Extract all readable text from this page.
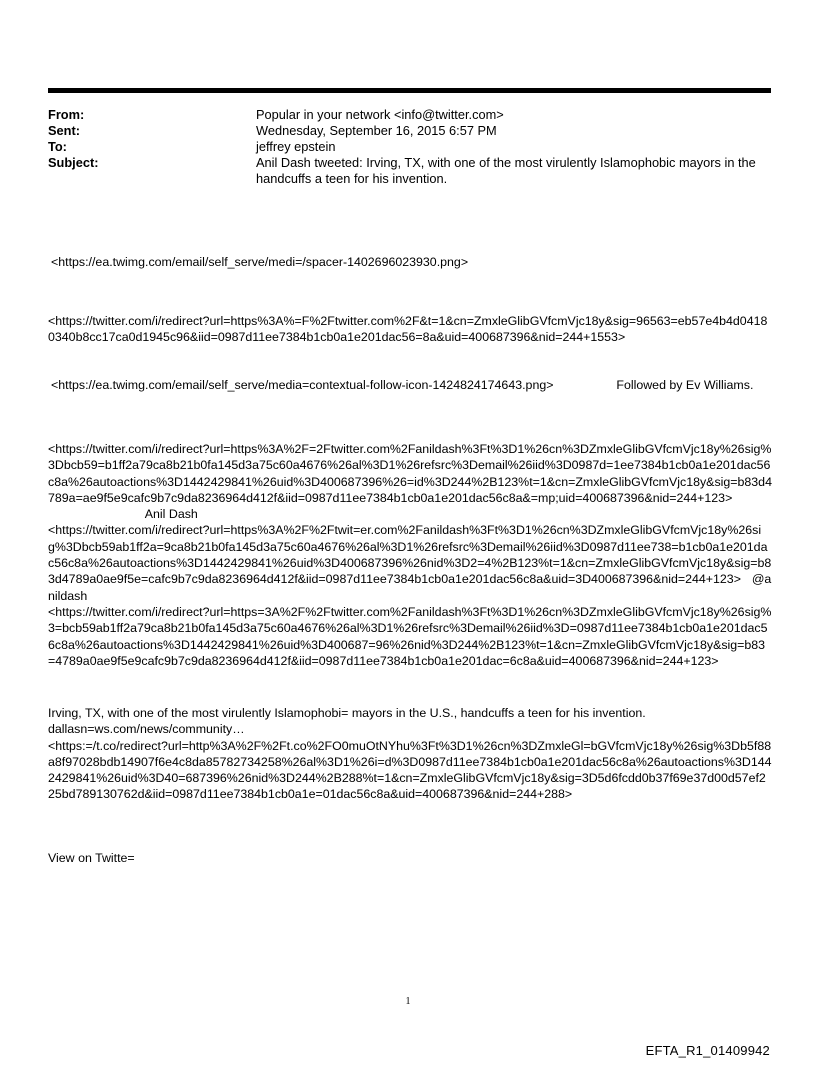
From:	Popular in your network <info@twitter.com>
Sent:	Wednesday, September 16, 2015 6:57 PM
To:	jeffrey epstein
Subject:	Anil Dash tweeted: Irving, TX, with one of the most virulently Islamophobic mayors in the handcuffs a teen for his invention.
<https://ea.twimg.com/email/self_serve/medi=/spacer-1402696023930.png>
<https://twitter.com/i/redirect?url=https%3A%=F%2Ftwitter.com%2F&t=1&cn=ZmxleGlibGVfcmVjc18y&sig=96563=eb57e4b4d04180340b8cc17ca0d1945c96&iid=0987d11ee7384b1cb0a1e201dac56=8a&uid=400687396&nid=244+1553>
<https://ea.twimg.com/email/self_serve/media=contextual-follow-icon-1424824174643.png>	Followed by Ev Williams.
<https://twitter.com/i/redirect?url=https%3A%2F=2Ftwitter.com%2Fanildash%3Ft%3D1%26cn%3DZmxleGlibGVfcmVjc18y%26sig%3Dbcb59=b1ff2a79ca8b21b0fa145d3a75c60a4676%26al%3D1%26refsrc%3Demail%26iid%3D0987d=1ee7384b1cb0a1e201dac56c8a%26autoactions%3D1442429841%26uid%3D400687396%26=id%3D244%2B123%t=1&cn=ZmxleGlibGVfcmVjc18y&sig=b83d4789a=ae9f5e9cafc9b7c9da8236964d412f&iid=0987d11ee7384b1cb0a1e201dac56c8a&=mp;uid=400687396&nid=244+123>  Anil Dash
<https://twitter.com/i/redirect?url=https%3A%2F%2Ftwit=er.com%2Fanildash%3Ft%3D1%26cn%3DZmxleGlibGVfcmVjc18y%26sig%3Dbcb59ab1ff2a=9ca8b21b0fa145d3a75c60a4676%26al%3D1%26refsrc%3Demail%26iid%3D0987d11ee738=b1cb0a1e201dac56c8a%26autoactions%3D1442429841%26uid%3D400687396%26nid%3D2=4%2B123%t=1&cn=ZmxleGlibGVfcmVjc18y&sig=b83d4789a0ae9f5e=cafc9b7c9da8236964d412f&iid=0987d11ee7384b1cb0a1e201dac56c8a&uid=3D400687396&nid=244+123> @anildash
<https://twitter.com/i/redirect?url=https=3A%2F%2Ftwitter.com%2Fanildash%3Ft%3D1%26cn%3DZmxleGlibGVfcmVjc18y%26sig%3=bcb59ab1ff2a79ca8b21b0fa145d3a75c60a4676%26al%3D1%26refsrc%3Demail%26iid%3D=0987d11ee7384b1cb0a1e201dac56c8a%26autoactions%3D1442429841%26uid%3D400687=96%26nid%3D244%2B123%t=1&cn=ZmxleGlibGVfcmVjc18y&sig=b83=4789a0ae9f5e9cafc9b7c9da8236964d412f&iid=0987d11ee7384b1cb0a1e201dac=6c8a&uid=400687396&nid=244+123>
Irving, TX, with one of the most virulently Islamophobi= mayors in the U.S., handcuffs a teen for his invention.
dallasn=ws.com/news/community…
<https:=/t.co/redirect?url=http%3A%2F%2Ft.co%2FO0muOtNYhu%3Ft%3D1%26cn%3DZmxleGl=bGVfcmVjc18y%26sig%3Db5f88a8f97028bdb14907f6e4c8da85782734258%26al%3D1%26i=d%3D0987d11ee7384b1cb0a1e201dac56c8a%26autoactions%3D1442429841%26uid%3D40=687396%26nid%3D244%2B288%t=1&cn=ZmxleGlibGVfcmVjc18y&sig=3D5d6fcdd0b37f69e37d00d57ef225bd789130762d&iid=0987d11ee7384b1cb0a1e=01dac56c8a&uid=400687396&nid=244+288>
View on Twitte=
1
EFTA_R1_01409942
